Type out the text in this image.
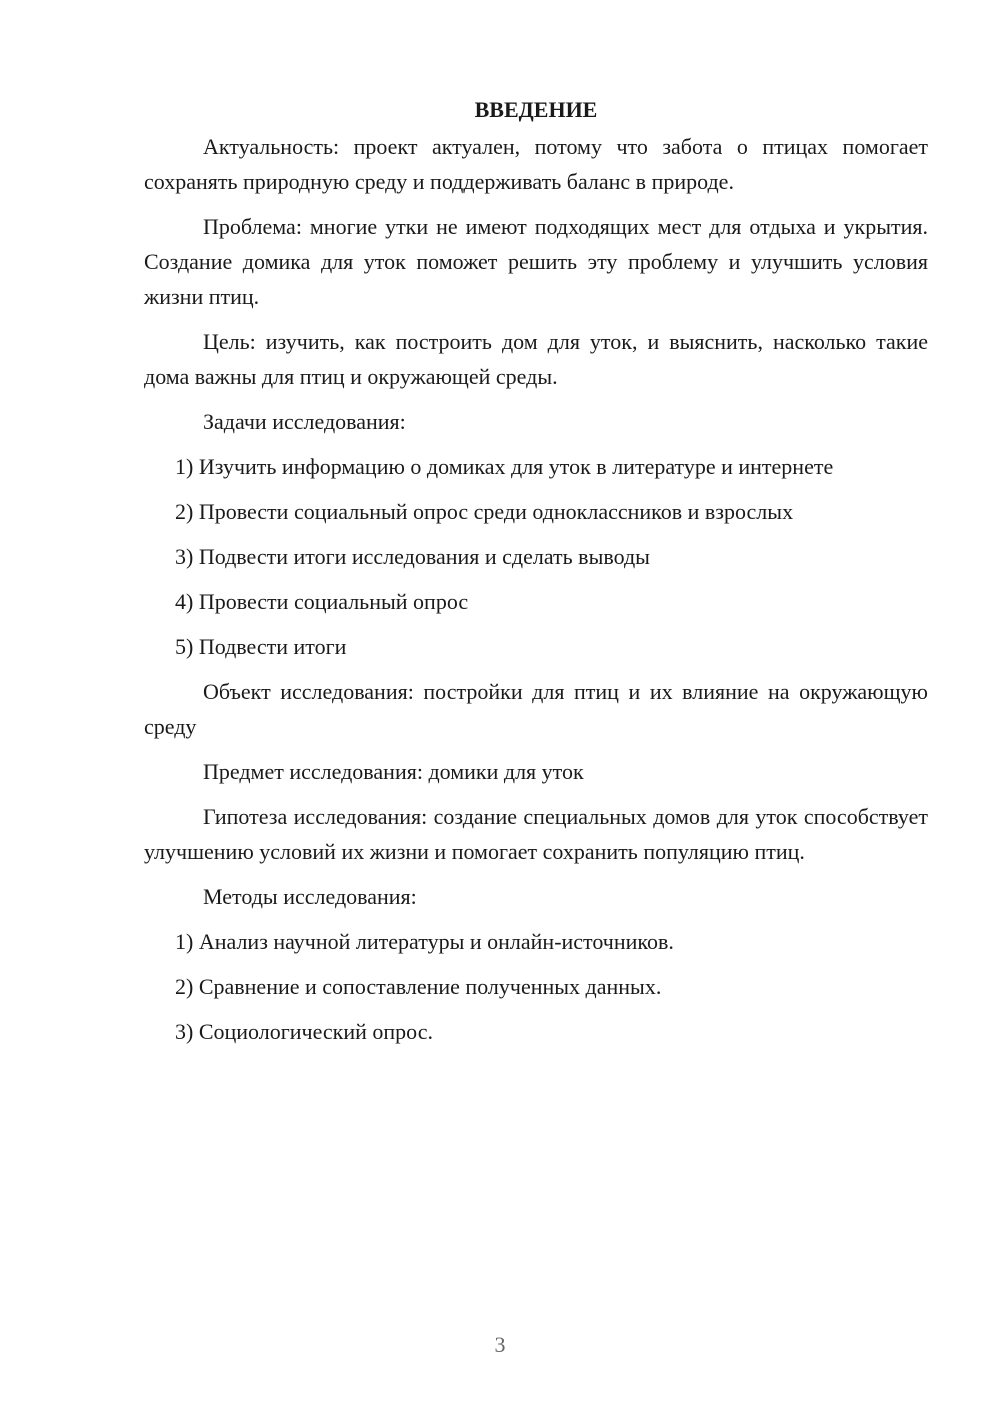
ВВЕДЕНИЕ

Актуальность: проект актуален, потому что забота о птицах помогает сохранять природную среду и поддерживать баланс в природе.

Проблема: многие утки не имеют подходящих мест для отдыха и укрытия. Создание домика для уток поможет решить эту проблему и улучшить условия жизни птиц.

Цель: изучить, как построить дом для уток, и выяснить, насколько такие дома важны для птиц и окружающей среды.

Задачи исследования:

1) Изучить информацию о домиках для уток в литературе и интернете

2) Провести социальный опрос среди одноклассников и взрослых

3) Подвести итоги исследования и сделать выводы

4) Провести социальный опрос

5) Подвести итоги

Объект исследования: постройки для птиц и их влияние на окружающую среду

Предмет исследования: домики для уток

Гипотеза исследования: создание специальных домов для уток способствует улучшению условий их жизни и помогает сохранить популяцию птиц.

Методы исследования:

1) Анализ научной литературы и онлайн-источников.

2) Сравнение и сопоставление полученных данных.

3) Социологический опрос.

3
